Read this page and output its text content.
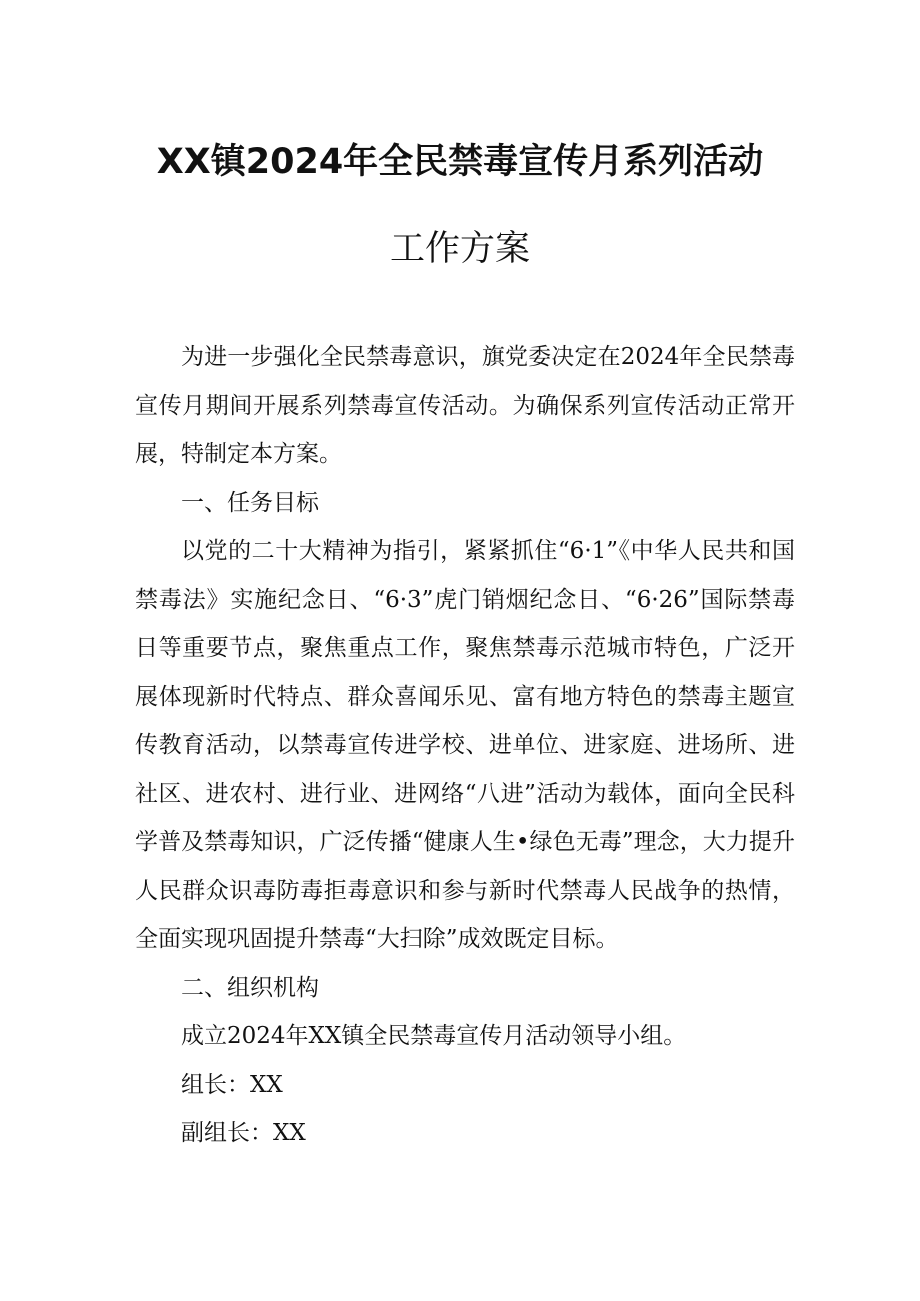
XX镇2024年全民禁毒宣传月系列活动
工作方案

为进一步强化全民禁毒意识，旗党委决定在2024年全民禁毒宣传月期间开展系列禁毒宣传活动。为确保系列宣传活动正常开展，特制定本方案。

一、任务目标

以党的二十大精神为指引，紧紧抓住“6·1”《中华人民共和国禁毒法》实施纪念日、“6·3”虎门销烟纪念日、“6·26”国际禁毒日等重要节点，聚焦重点工作，聚焦禁毒示范城市特色，广泛开展体现新时代特点、群众喜闻乐见、富有地方特色的禁毒主题宣传教育活动，以禁毒宣传进学校、进单位、进家庭、进场所、进社区、进农村、进行业、进网络“八进”活动为载体，面向全民科学普及禁毒知识，广泛传播“健康人生•绿色无毒”理念，大力提升人民群众识毒防毒拒毒意识和参与新时代禁毒人民战争的热情，全面实现巩固提升禁毒“大扫除”成效既定目标。

二、组织机构

成立2024年XX镇全民禁毒宣传月活动领导小组。

组长：XX

副组长：XX
